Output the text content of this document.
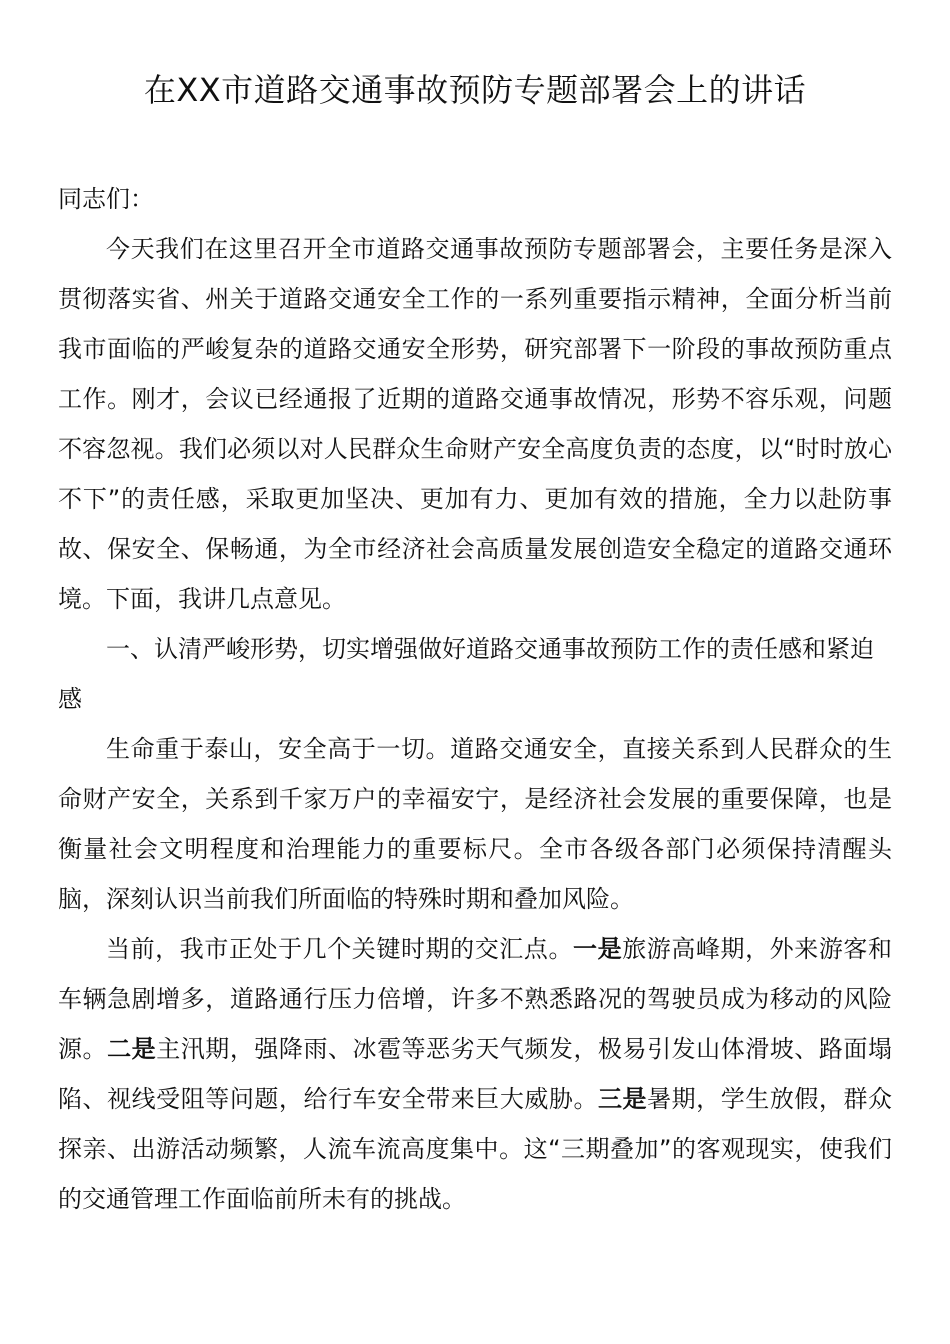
在XX市道路交通事故预防专题部署会上的讲话

同志们：

今天我们在这里召开全市道路交通事故预防专题部署会，主要任务是深入贯彻落实省、州关于道路交通安全工作的一系列重要指示精神，全面分析当前我市面临的严峻复杂的道路交通安全形势，研究部署下一阶段的事故预防重点工作。刚才，会议已经通报了近期的道路交通事故情况，形势不容乐观，问题不容忽视。我们必须以对人民群众生命财产安全高度负责的态度，以“时时放心不下”的责任感，采取更加坚决、更加有力、更加有效的措施，全力以赴防事故、保安全、保畅通，为全市经济社会高质量发展创造安全稳定的道路交通环境。下面，我讲几点意见。

一、认清严峻形势，切实增强做好道路交通事故预防工作的责任感和紧迫感

生命重于泰山，安全高于一切。道路交通安全，直接关系到人民群众的生命财产安全，关系到千家万户的幸福安宁，是经济社会发展的重要保障，也是衡量社会文明程度和治理能力的重要标尺。全市各级各部门必须保持清醒头脑，深刻认识当前我们所面临的特殊时期和叠加风险。

当前，我市正处于几个关键时期的交汇点。一是旅游高峰期，外来游客和车辆急剧增多，道路通行压力倍增，许多不熟悉路况的驾驶员成为移动的风险源。二是主汛期，强降雨、冰雹等恶劣天气频发，极易引发山体滑坡、路面塌陷、视线受阻等问题，给行车安全带来巨大威胁。三是暑期，学生放假，群众探亲、出游活动频繁，人流车流高度集中。这“三期叠加”的客观现实，使我们的交通管理工作面临前所未有的挑战。
